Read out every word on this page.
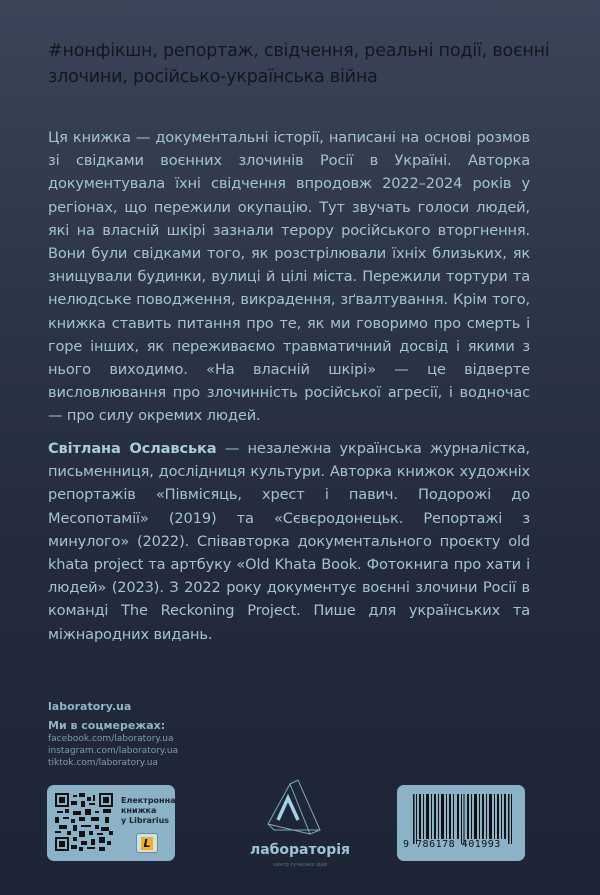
#нонфікшн, репортаж, свідчення, реальні події, воєнні злочини, російсько-українська війна

Ця книжка — документальні історії, написані на основі розмов зі свідками воєнних злочинів Росії в Україні. Авторка документувала їхні свідчення впродовж 2022–2024 років у регіонах, що пережили окупацію. Тут звучать голоси людей, які на власній шкірі зазнали терору російського вторгнення. Вони були свідками того, як розстрілювали їхніх близьких, як знищували будинки, вулиці й цілі міста. Пережили тортури та нелюдське поводження, викрадення, зґвалтування. Крім того, книжка ставить питання про те, як ми говоримо про смерть і горе інших, як переживаємо травматичний досвід і якими з нього виходимо. «На власній шкірі» — це відверте висловлювання про злочинність російської агресії, і водночас — про силу окремих людей.

Світлана Ославська — незалежна українська журналістка, письменниця, дослідниця культури. Авторка книжок художніх репортажів «Півмісяць, хрест і павич. Подорожі до Месопотамії» (2019) та «Сєвєродонецьк. Репортажі з минулого» (2022). Співавторка документального проєкту old khata project та артбуку «Old Khata Book. Фотокнига про хати і людей» (2023). З 2022 року документує воєнні злочини Росії в команді The Reckoning Project. Пише для українських та міжнародних видань.

laboratory.ua
Ми в соцмережах:
facebook.com/laboratory.ua
instagram.com/laboratory.ua
tiktok.com/laboratory.ua
Електронна
книжка
у Librarius
L	лабораторія
центр сучасних ідей
9 786178 401993
